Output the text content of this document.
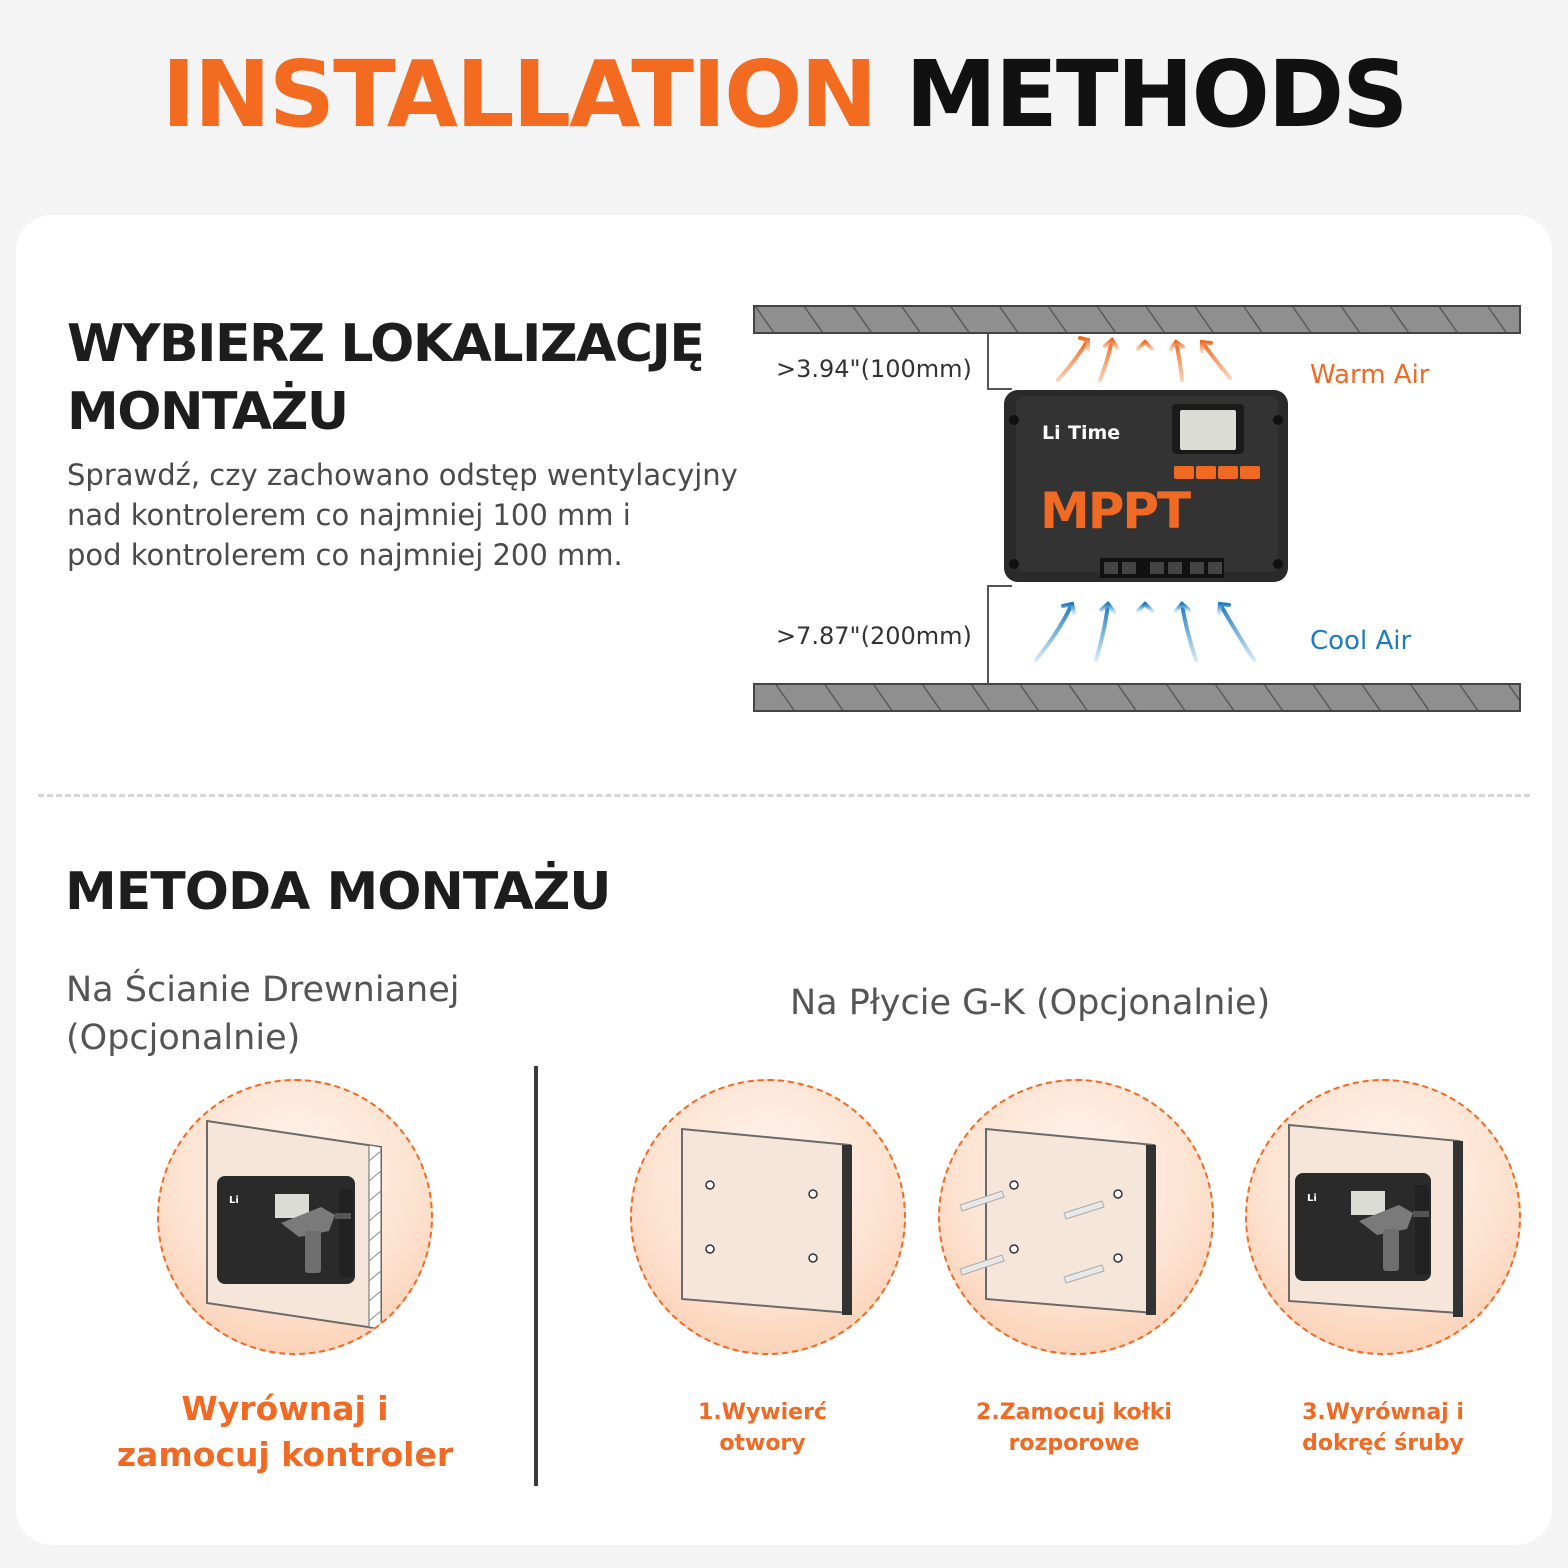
INSTALLATION METHODS
WYBIERZ LOKALIZACJĘ
MONTAŻU
Sprawdź, czy zachowano odstęp wentylacyjny
nad kontrolerem co najmniej 100 mm i
pod kontrolerem co najmniej 200 mm.
Li Time
MPPT
>3.94"(100mm)
>7.87"(200mm)
Warm Air
Cool Air
METODA MONTAŻU
Na Ścianie Drewnianej
(Opcjonalnie)
Na Płycie G-K (Opcjonalnie)
Li
Wyrównaj i
zamocuj kontroler
1.Wywierć
otwory
2.Zamocuj kołki
rozporowe
Li
3.Wyrównaj i
dokręć śruby
